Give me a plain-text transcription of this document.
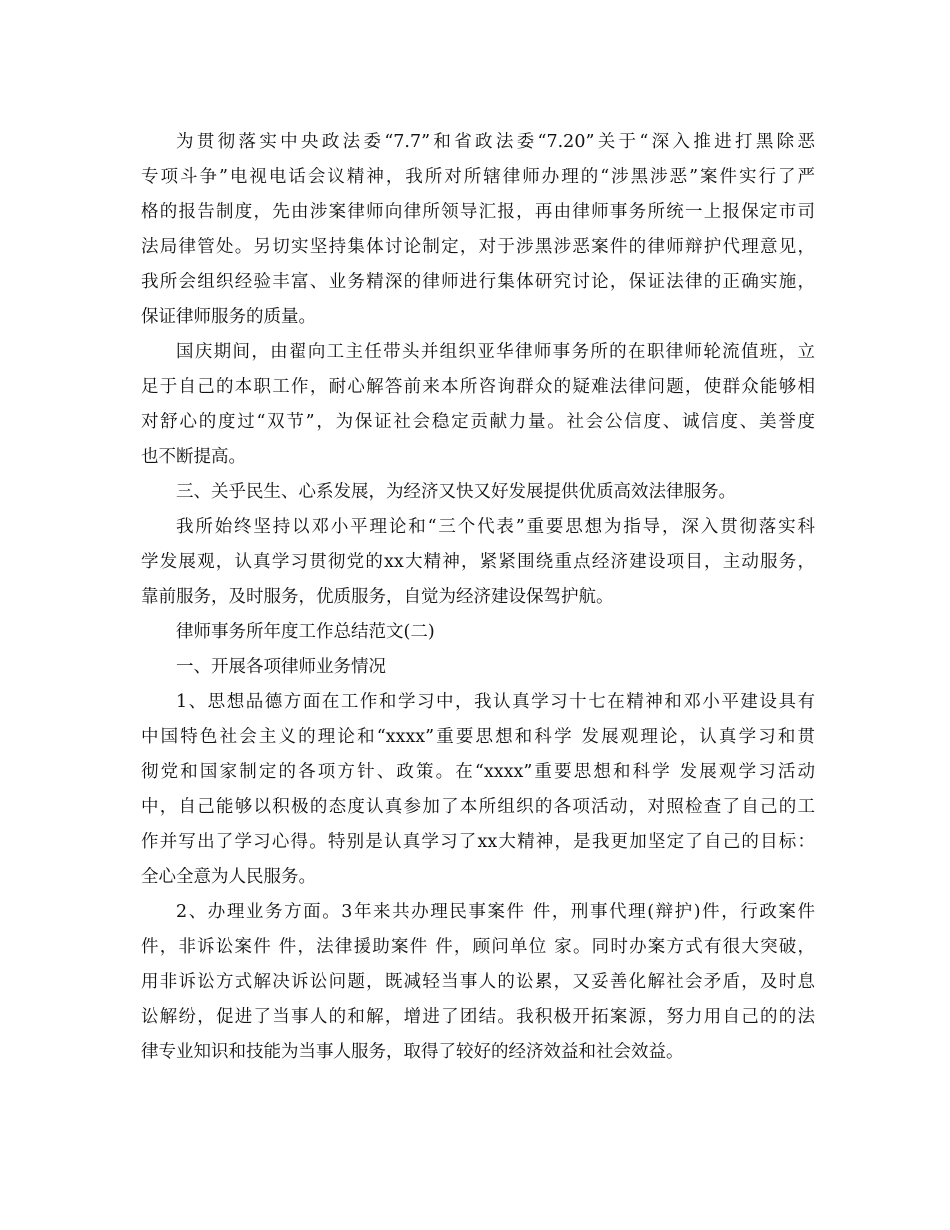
为贯彻落实中央政法委“7.7”和省政法委“7.20”关于“深入推进打黑除恶
专项斗争”电视电话会议精神，我所对所辖律师办理的“涉黑涉恶”案件实行了严
格的报告制度，先由涉案律师向律所领导汇报，再由律师事务所统一上报保定市司
法局律管处。另切实坚持集体讨论制定，对于涉黑涉恶案件的律师辩护代理意见，
我所会组织经验丰富、业务精深的律师进行集体研究讨论，保证法律的正确实施，
保证律师服务的质量。
国庆期间，由翟向工主任带头并组织亚华律师事务所的在职律师轮流值班，立
足于自己的本职工作，耐心解答前来本所咨询群众的疑难法律问题，使群众能够相
对舒心的度过“双节”，为保证社会稳定贡献力量。社会公信度、诚信度、美誉度
也不断提高。
三、关乎民生、心系发展，为经济又快又好发展提供优质高效法律服务。
我所始终坚持以邓小平理论和“三个代表”重要思想为指导，深入贯彻落实科
学发展观，认真学习贯彻党的xx大精神，紧紧围绕重点经济建设项目，主动服务，
靠前服务，及时服务，优质服务，自觉为经济建设保驾护航。
律师事务所年度工作总结范文(二)
一、开展各项律师业务情况
1、思想品德方面在工作和学习中，我认真学习十七在精神和邓小平建设具有
中国特色社会主义的理论和“xxxx”重要思想和科学 发展观理论，认真学习和贯
彻党和国家制定的各项方针、政策。在“xxxx”重要思想和科学 发展观学习活动
中，自己能够以积极的态度认真参加了本所组织的各项活动，对照检查了自己的工
作并写出了学习心得。特别是认真学习了xx大精神，是我更加坚定了自己的目标：
全心全意为人民服务。
2、办理业务方面。3年来共办理民事案件 件，刑事代理(辩护)件，行政案件
件，非诉讼案件 件，法律援助案件 件，顾问单位 家。同时办案方式有很大突破，
用非诉讼方式解决诉讼问题，既减轻当事人的讼累，又妥善化解社会矛盾，及时息
讼解纷，促进了当事人的和解，增进了团结。我积极开拓案源，努力用自己的的法
律专业知识和技能为当事人服务，取得了较好的经济效益和社会效益。
